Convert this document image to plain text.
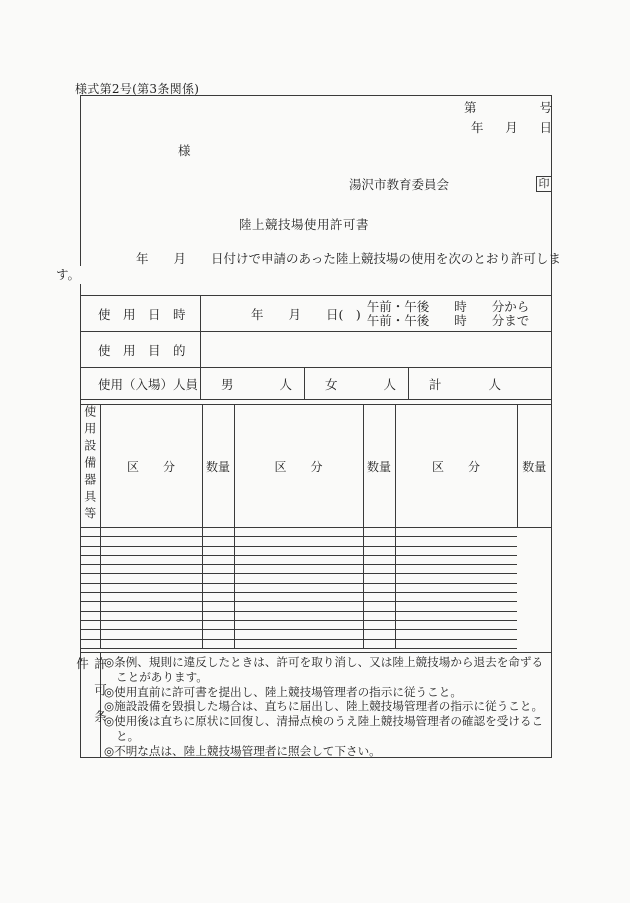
様式第2号(第3条関係)
第	号
年 月 日
様
湯沢市教育委員会	印
陸上競技場使用許可書
年　　月　　日付けで申請のあった陸上競技場の使用を次のとおり許可しま
す。
使　用　日　時	年　　月　　日(　)
午前・午後　　時　　分から
午前・午後　　時　　分まで
使　用　目　的
使用（入場）人員 男	人	女	人	計	人
使用設備器具等	区　　分	数量	区　　分	数量	区　　分	数量

許可条件	◎条例、規則に違反したときは、許可を取り消し、又は陸上競技場から退去を命ずる
ことがあります。
◎使用直前に許可書を提出し、陸上競技場管理者の指示に従うこと。
◎施設設備を毀損した場合は、直ちに届出し、陸上競技場管理者の指示に従うこと。
◎使用後は直ちに原状に回復し、清掃点検のうえ陸上競技場管理者の確認を受けるこ
と。
◎不明な点は、陸上競技場管理者に照会して下さい。
